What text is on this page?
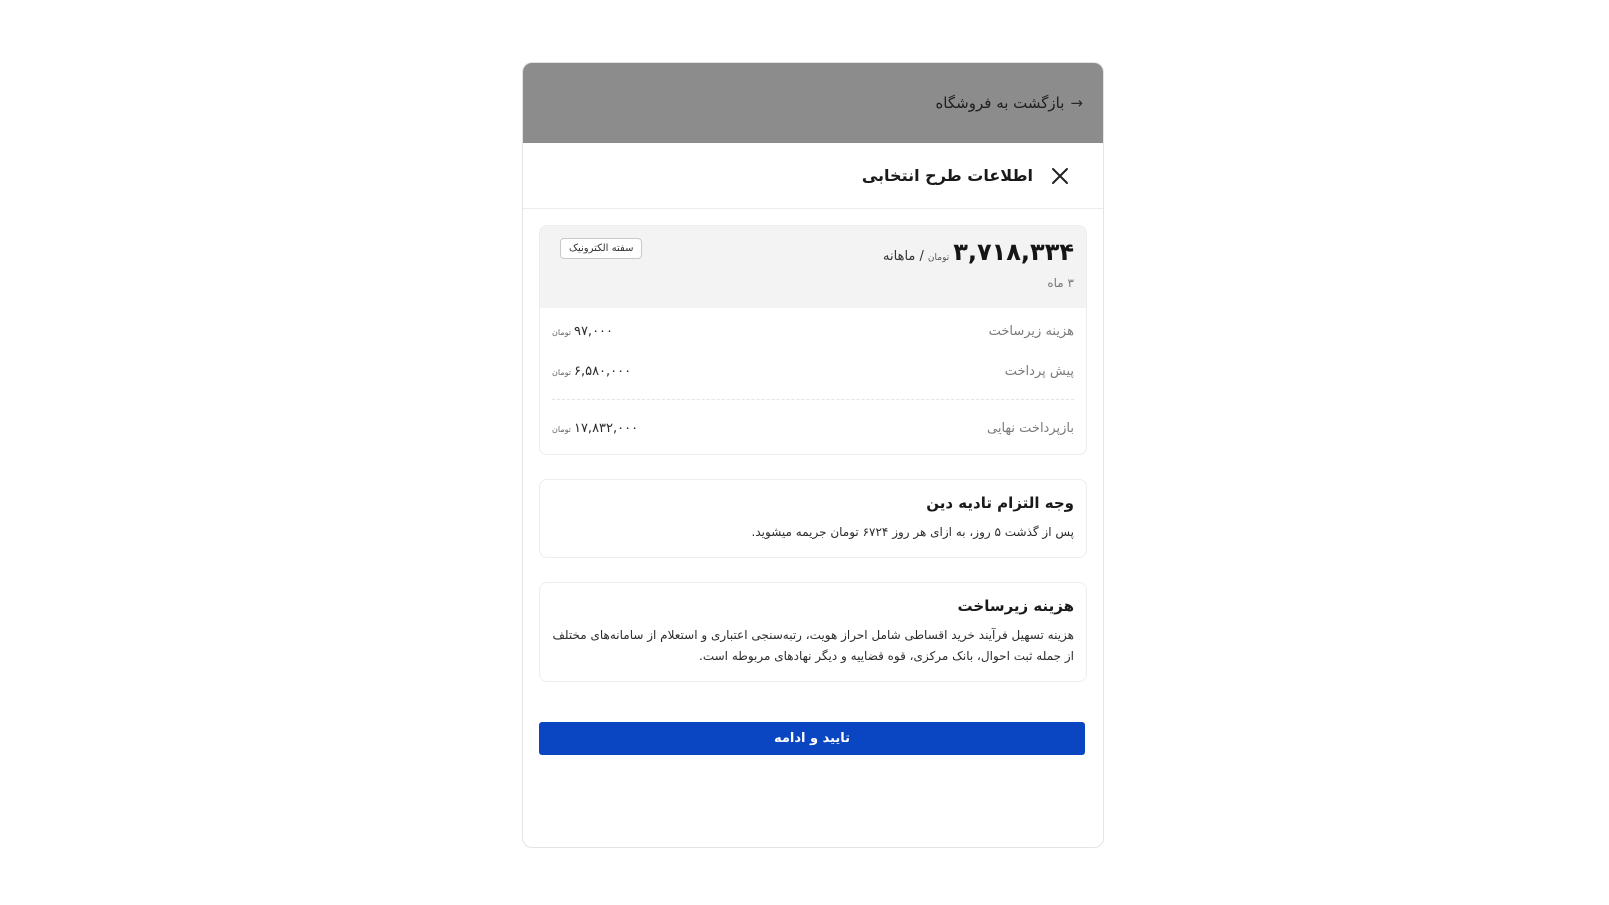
→
بازگشت به فروشگاه
اطلاعات طرح انتخابی
۳,۷۱۸,۳۳۴
تومان
/ ماهانه
۳ ماه
سفته الکترونیک
هزینه زیرساخت
۹۷,۰۰۰
تومان
پیش پرداخت
۶,۵۸۰,۰۰۰
تومان
بازپرداخت نهایی
۱۷,۸۳۲,۰۰۰
تومان
وجه التزام تادیه دین
پس از گذشت ۵ روز، به ازای هر روز ۶۷۲۴ تومان جریمه میشوید.
هزینه زیرساخت
هزینه تسهیل فرآیند خرید اقساطی شامل احراز هویت، رتبه‌سنجی اعتباری و استعلام از سامانه‌های مختلف از جمله ثبت احوال، بانک مرکزی، قوه قضاییه و دیگر نهادهای مربوطه است.
تایید و ادامه
